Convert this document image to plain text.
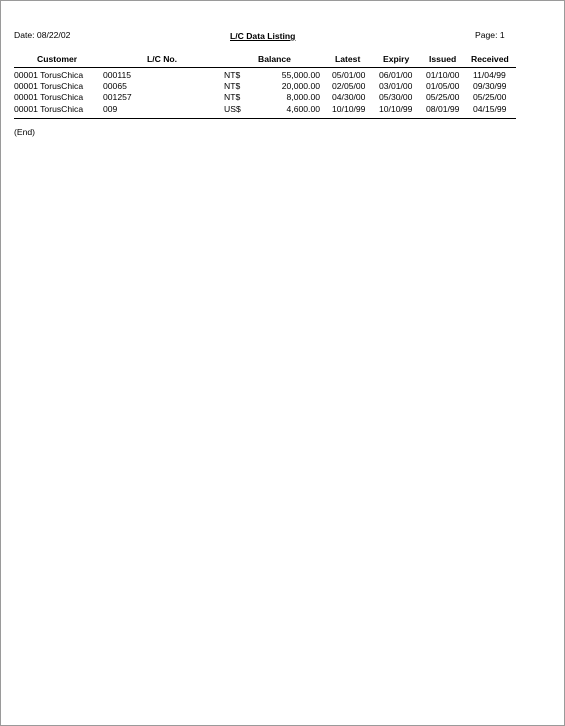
Date: 08/22/02	L/C Data Listing	Page: 1
Customer	L/C No.	Balance	Latest	Expiry Issued Received
00001 TorusChica 000115	NT$	55,000.00 05/01/00 06/01/00 01/10/00 11/04/99
00001 TorusChica 00065	NT$	20,000.00 02/05/00 03/01/00 01/05/00 09/30/99
00001 TorusChica 001257	NT$	8,000.00 04/30/00 05/30/00 05/25/00 05/25/00
00001 TorusChica 009	US$	4,600.00 10/10/99 10/10/99 08/01/99 04/15/99
(End)
